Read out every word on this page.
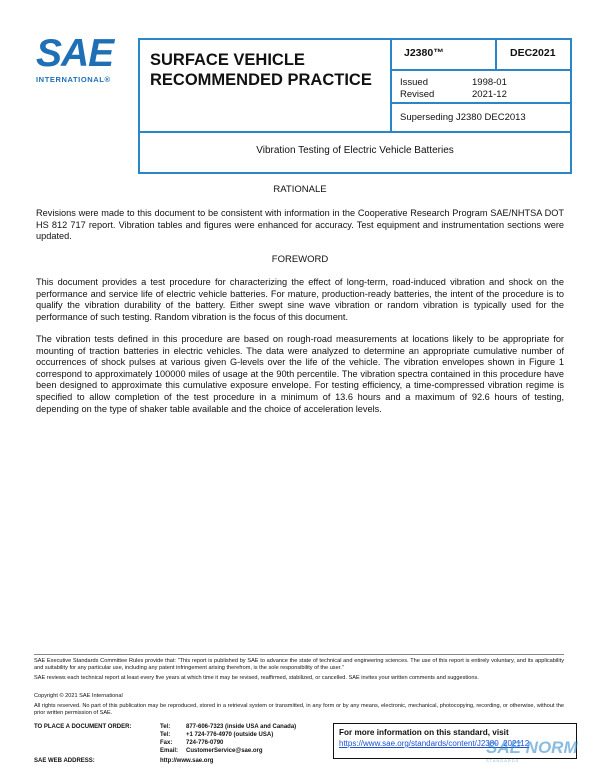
SAE
INTERNATIONAL®
SURFACE VEHICLE
RECOMMENDED PRACTICE
J2380™	DEC2021
Issued	1998-01
Revised	2021-12
Superseding J2380 DEC2013
Vibration Testing of Electric Vehicle Batteries
RATIONALE
Revisions were made to this document to be consistent with information in the Cooperative Research Program SAE/NHTSA DOT HS 812 717 report. Vibration tables and figures were enhanced for accuracy. Test equipment and instrumentation sections were updated.
FOREWORD
This document provides a test procedure for characterizing the effect of long-term, road-induced vibration and shock on the performance and service life of electric vehicle batteries. For mature, production-ready batteries, the intent of the procedure is to qualify the vibration durability of the battery. Either swept sine wave vibration or random vibration is typically used for the performance of such testing. Random vibration is the focus of this document.
The vibration tests defined in this procedure are based on rough-road measurements at locations likely to be appropriate for mounting of traction batteries in electric vehicles. The data were analyzed to determine an appropriate cumulative number of occurrences of shock pulses at various given G-levels over the life of the vehicle. The vibration envelopes shown in Figure 1 correspond to approximately 100000 miles of usage at the 90th percentile. The vibration spectra contained in this procedure have been designed to approximate this cumulative exposure envelope. For testing efficiency, a time-compressed vibration regime is specified to allow completion of the test procedure in a minimum of 13.6 hours and a maximum of 92.6 hours of testing, depending on the type of shaker table available and the choice of acceleration levels.
SAE Executive Standards Committee Rules provide that: “This report is published by SAE to advance the state of technical and engineering sciences. The use of this report is entirely voluntary, and its applicability and suitability for any particular use, including any patent infringement arising therefrom, is the sole responsibility of the user.”
SAE reviews each technical report at least every five years at which time it may be revised, reaffirmed, stabilized, or cancelled. SAE invites your written comments and suggestions.
Copyright © 2021 SAE International
All rights reserved. No part of this publication may be reproduced, stored in a retrieval system or transmitted, in any form or by any means, electronic, mechanical, photocopying, recording, or otherwise, without the prior written permission of SAE.
TO PLACE A DOCUMENT ORDER:	Tel:	877-606-7323 (inside USA and Canada)
Tel:	+1 724-776-4970 (outside USA)
Fax: 724-776-0790
Email: CustomerService@sae.org
SAE WEB ADDRESS:	http://www.sae.org
For more information on this standard, visit
https://www.sae.org/standards/content/J2380_202112
SAE NORM
STANDARDS
